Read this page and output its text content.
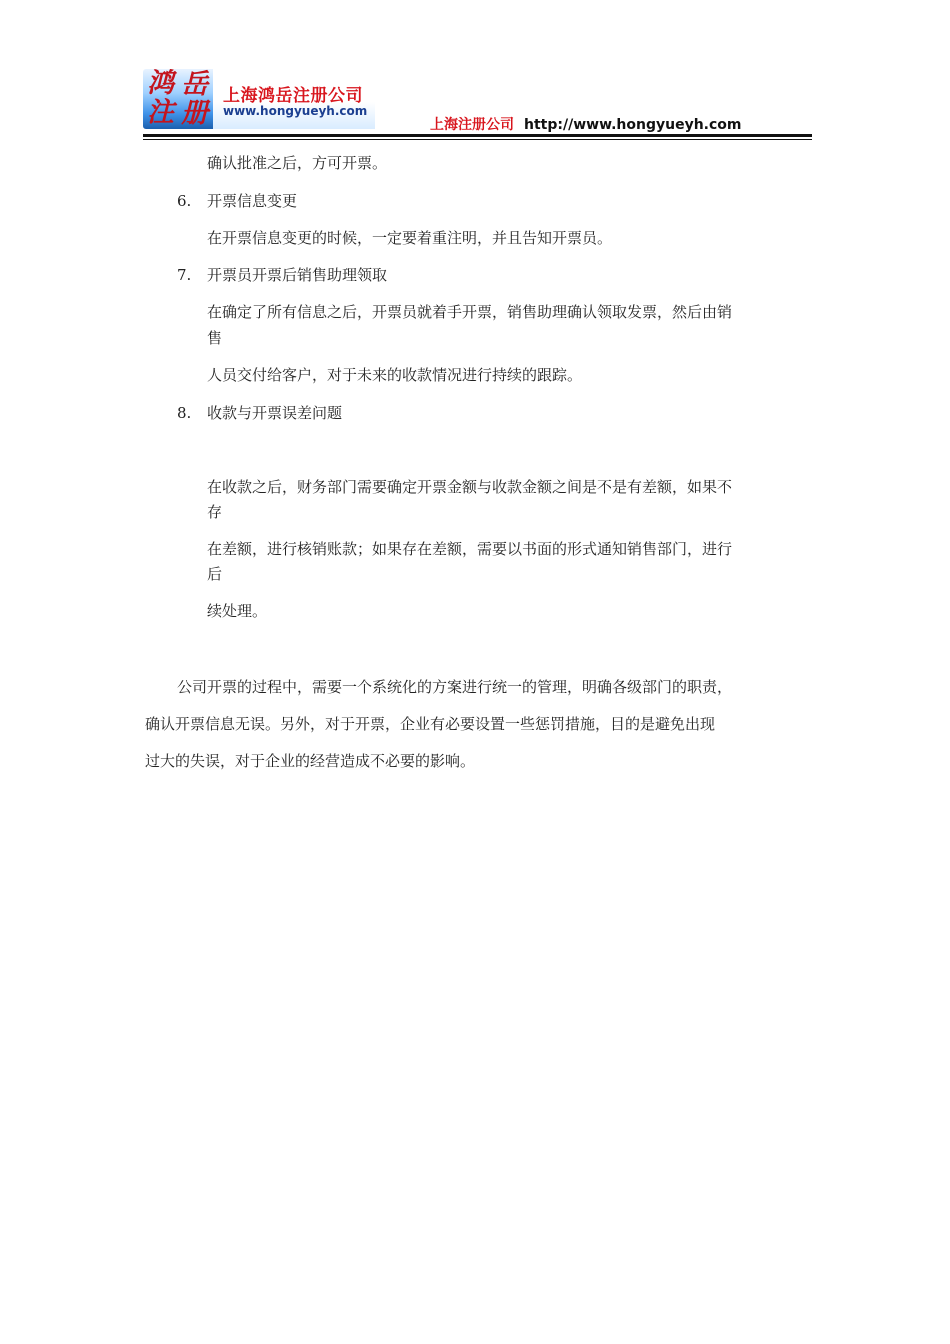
鸿 岳
注 册
上海鸿岳注册公司
www.hongyueyh.com
上海注册公司 http://www.hongyueyh.com
确认批准之后，方可开票。
6. 开票信息变更
在开票信息变更的时候，一定要着重注明，并且告知开票员。
7. 开票员开票后销售助理领取
在确定了所有信息之后，开票员就着手开票，销售助理确认领取发票，然后由销
售
人员交付给客户，对于未来的收款情况进行持续的跟踪。
8. 收款与开票误差问题
在收款之后，财务部门需要确定开票金额与收款金额之间是不是有差额，如果不
存
在差额，进行核销账款；如果存在差额，需要以书面的形式通知销售部门，进行
后
续处理。
公司开票的过程中，需要一个系统化的方案进行统一的管理，明确各级部门的职责，
确认开票信息无误。另外，对于开票，企业有必要设置一些惩罚措施，目的是避免出现
过大的失误，对于企业的经营造成不必要的影响。
